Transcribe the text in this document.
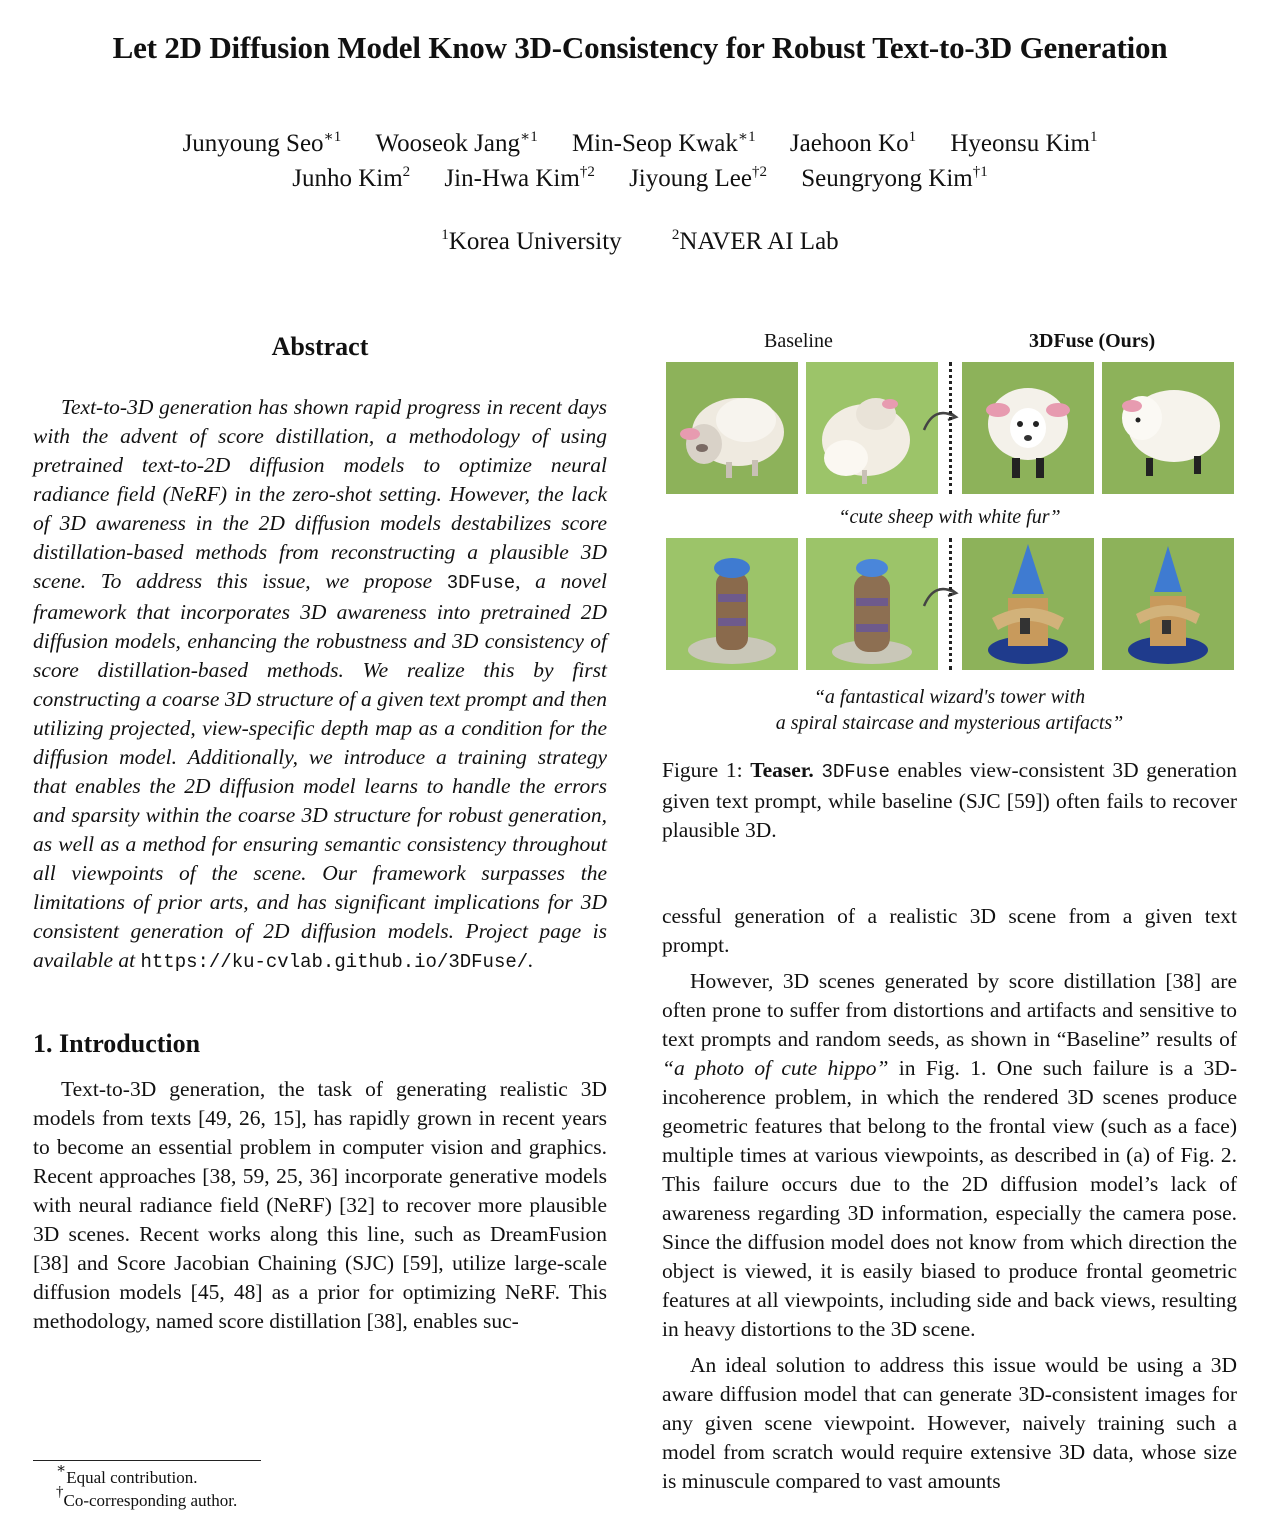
Let 2D Diffusion Model Know 3D-Consistency for Robust Text-to-3D Generation
Junyoung Seo$^{∗1}$ Wooseok Jang$^{∗1}$ Min-Seop Kwak$^{∗1}$ Jaehoon Ko$^1$ Hyeonsu Kim$^1$
Junho Kim$^2$ Jin-Hwa Kim$^{\dagger 2}$ Jiyoung Lee$^{\dagger 2}$ Seungryong Kim$^{\dagger 1}$
$^1$Korea University	$^2$NAVER AI Lab
Abstract
Text-to-3D generation has shown rapid progress in recent days with the advent of score distillation, a methodology of using pretrained text-to-2D diffusion models to optimize neural radiance field (NeRF) in the zero-shot setting. However, the lack of 3D awareness in the 2D diffusion models destabilizes score distillation-based methods from reconstructing a plausible 3D scene. To address this issue, we propose 3DFuse, a novel framework that incorporates 3D awareness into pretrained 2D diffusion models, enhancing the robustness and 3D consistency of score distillation-based methods. We realize this by first constructing a coarse 3D structure of a given text prompt and then utilizing projected, view-specific depth map as a condition for the diffusion model. Additionally, we introduce a training strategy that enables the 2D diffusion model learns to handle the errors and sparsity within the coarse 3D structure for robust generation, as well as a method for ensuring semantic consistency throughout all viewpoints of the scene. Our framework surpasses the limitations of prior arts, and has significant implications for 3D consistent generation of 2D diffusion models. Project page is available at https://ku-cvlab.github.io/3DFuse/.
1. Introduction
Text-to-3D generation, the task of generating realistic 3D models from texts [49, 26, 15], has rapidly grown in recent years to become an essential problem in computer vision and graphics. Recent approaches [38, 59, 25, 36] incorporate generative models with neural radiance field (NeRF) [32] to recover more plausible 3D scenes. Recent works along this line, such as DreamFusion [38] and Score Jacobian Chaining (SJC) [59], utilize large-scale diffusion models [45, 48] as a prior for optimizing NeRF. This methodology, named score distillation [38], enables suc-
∗Equal contribution.
†Co-corresponding author.
Baseline	3DFuse (Ours)
“cute sheep with white fur”
“a fantastical wizard's tower with
a spiral staircase and mysterious artifacts”
Figure 1: Teaser. 3DFuse enables view-consistent 3D generation given text prompt, while baseline (SJC [59]) often fails to recover plausible 3D.

cessful generation of a realistic 3D scene from a given text prompt.

However, 3D scenes generated by score distillation [38] are often prone to suffer from distortions and artifacts and sensitive to text prompts and random seeds, as shown in “Baseline” results of “a photo of cute hippo” in Fig. 1. One such failure is a 3D-incoherence problem, in which the rendered 3D scenes produce geometric features that belong to the frontal view (such as a face) multiple times at various viewpoints, as described in (a) of Fig. 2. This failure occurs due to the 2D diffusion model’s lack of awareness regarding 3D information, especially the camera pose. Since the diffusion model does not know from which direction the object is viewed, it is easily biased to produce frontal geometric features at all viewpoints, including side and back views, resulting in heavy distortions to the 3D scene.

An ideal solution to address this issue would be using a 3D aware diffusion model that can generate 3D-consistent images for any given scene viewpoint. However, naively training such a model from scratch would require extensive 3D data, whose size is minuscule compared to vast amounts
